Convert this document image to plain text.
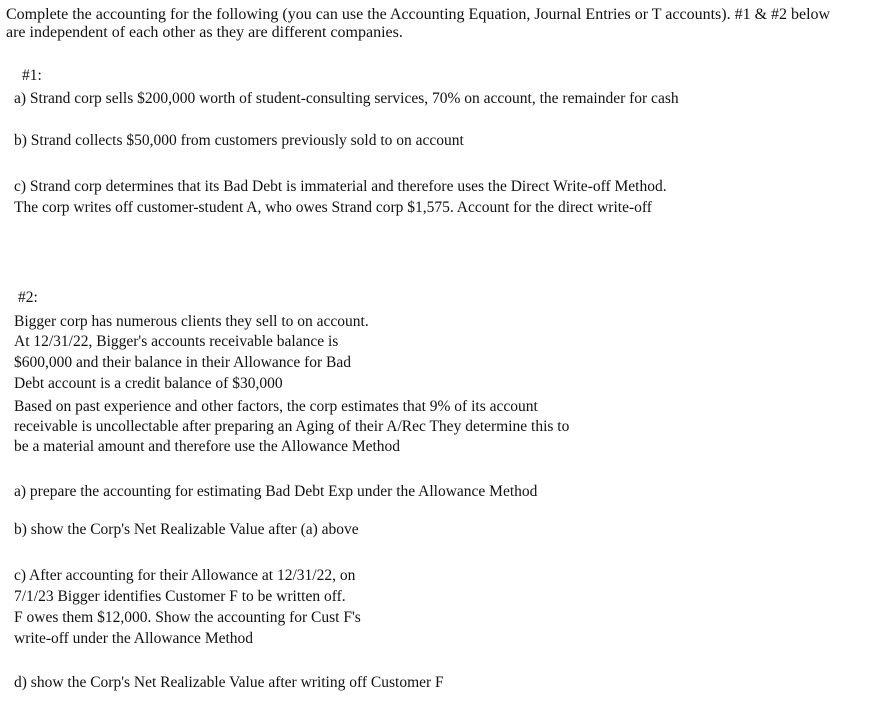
Complete the accounting for the following (you can use the Accounting Equation, Journal Entries or T accounts). #1 & #2 below
are independent of each other as they are different companies.
#1:
a) Strand corp sells $200,000 worth of student-consulting services, 70% on account, the remainder for cash
b) Strand collects $50,000 from customers previously sold to on account
c) Strand corp determines that its Bad Debt is immaterial and therefore uses the Direct Write-off Method.
The corp writes off customer-student A, who owes Strand corp $1,575. Account for the direct write-off
#2:
Bigger corp has numerous clients they sell to on account.
At 12/31/22, Bigger's accounts receivable balance is
$600,000 and their balance in their Allowance for Bad
Debt account is a credit balance of $30,000
Based on past experience and other factors, the corp estimates that 9% of its account
receivable is uncollectable after preparing an Aging of their A/Rec They determine this to
be a material amount and therefore use the Allowance Method
a) prepare the accounting for estimating Bad Debt Exp under the Allowance Method
b) show the Corp's Net Realizable Value after (a) above
c) After accounting for their Allowance at 12/31/22, on
7/1/23 Bigger identifies Customer F to be written off.
F owes them $12,000. Show the accounting for Cust F's
write-off under the Allowance Method
d) show the Corp's Net Realizable Value after writing off Customer F
